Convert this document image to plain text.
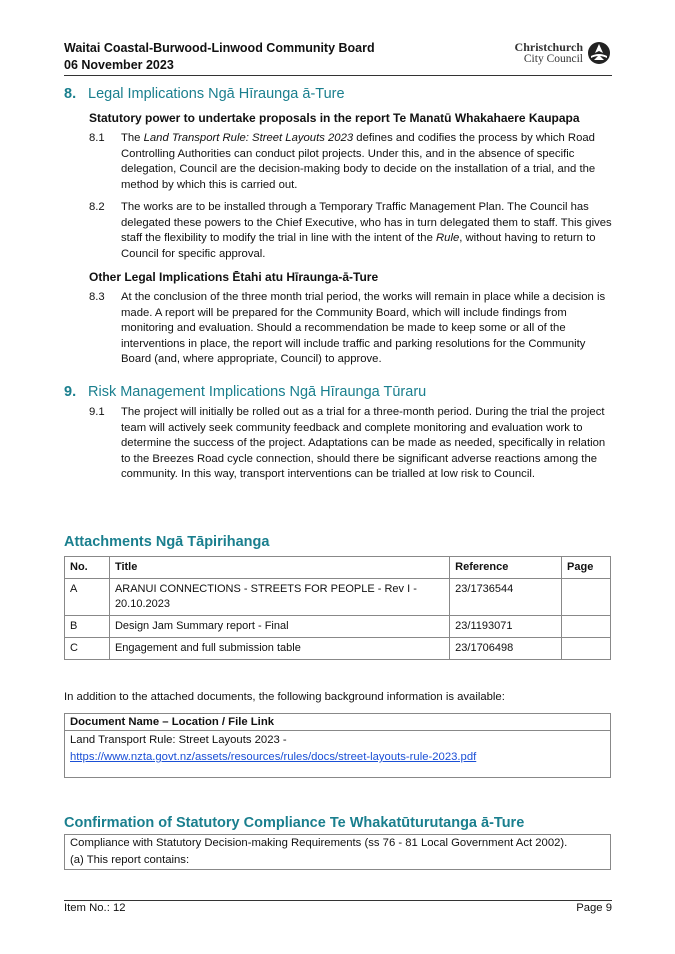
Waitai Coastal-Burwood-Linwood Community Board
06 November 2023
Christchurch
City Council
8. Legal Implications Ngā Hīraunga ā-Ture
Statutory power to undertake proposals in the report Te Manatū Whakahaere Kaupapa
8.1 The Land Transport Rule: Street Layouts 2023 defines and codifies the process by which Road Controlling Authorities can conduct pilot projects. Under this, and in the absence of specific delegation, Council are the decision-making body to decide on the installation of a trial, and the method by which this is carried out.
8.2 The works are to be installed through a Temporary Traffic Management Plan. The Council has delegated these powers to the Chief Executive, who has in turn delegated them to staff. This gives staff the flexibility to modify the trial in line with the intent of the Rule, without having to return to Council for specific approval.
Other Legal Implications Ētahi atu Hīraunga-ā-Ture
8.3 At the conclusion of the three month trial period, the works will remain in place while a decision is made. A report will be prepared for the Community Board, which will include findings from monitoring and evaluation. Should a recommendation be made to keep some or all of the interventions in place, the report will include traffic and parking resolutions for the Community Board (and, where appropriate, Council) to approve.
9. Risk Management Implications Ngā Hīraunga Tūraru
9.1 The project will initially be rolled out as a trial for a three-month period. During the trial the project team will actively seek community feedback and complete monitoring and evaluation work to determine the success of the project. Adaptations can be made as needed, specifically in relation to the Breezes Road cycle connection, should there be significant adverse reactions among the community. In this way, transport interventions can be trialled at low risk to Council.
Attachments Ngā Tāpirihanga
No.	Title	Reference	Page
A	ARANUI CONNECTIONS - STREETS FOR PEOPLE - Rev I - 20.10.2023	23/1736544	
B	Design Jam Summary report - Final	23/1193071	
C	Engagement and full submission table	23/1706498	
In addition to the attached documents, the following background information is available:
Document Name – Location / File Link
Land Transport Rule: Street Layouts 2023 -
https://www.nzta.govt.nz/assets/resources/rules/docs/street-layouts-rule-2023.pdf
Confirmation of Statutory Compliance Te Whakatūturutanga ā-Ture
Compliance with Statutory Decision-making Requirements (ss 76 - 81 Local Government Act 2002).
(a) This report contains:
Item No.: 12	Page 9
